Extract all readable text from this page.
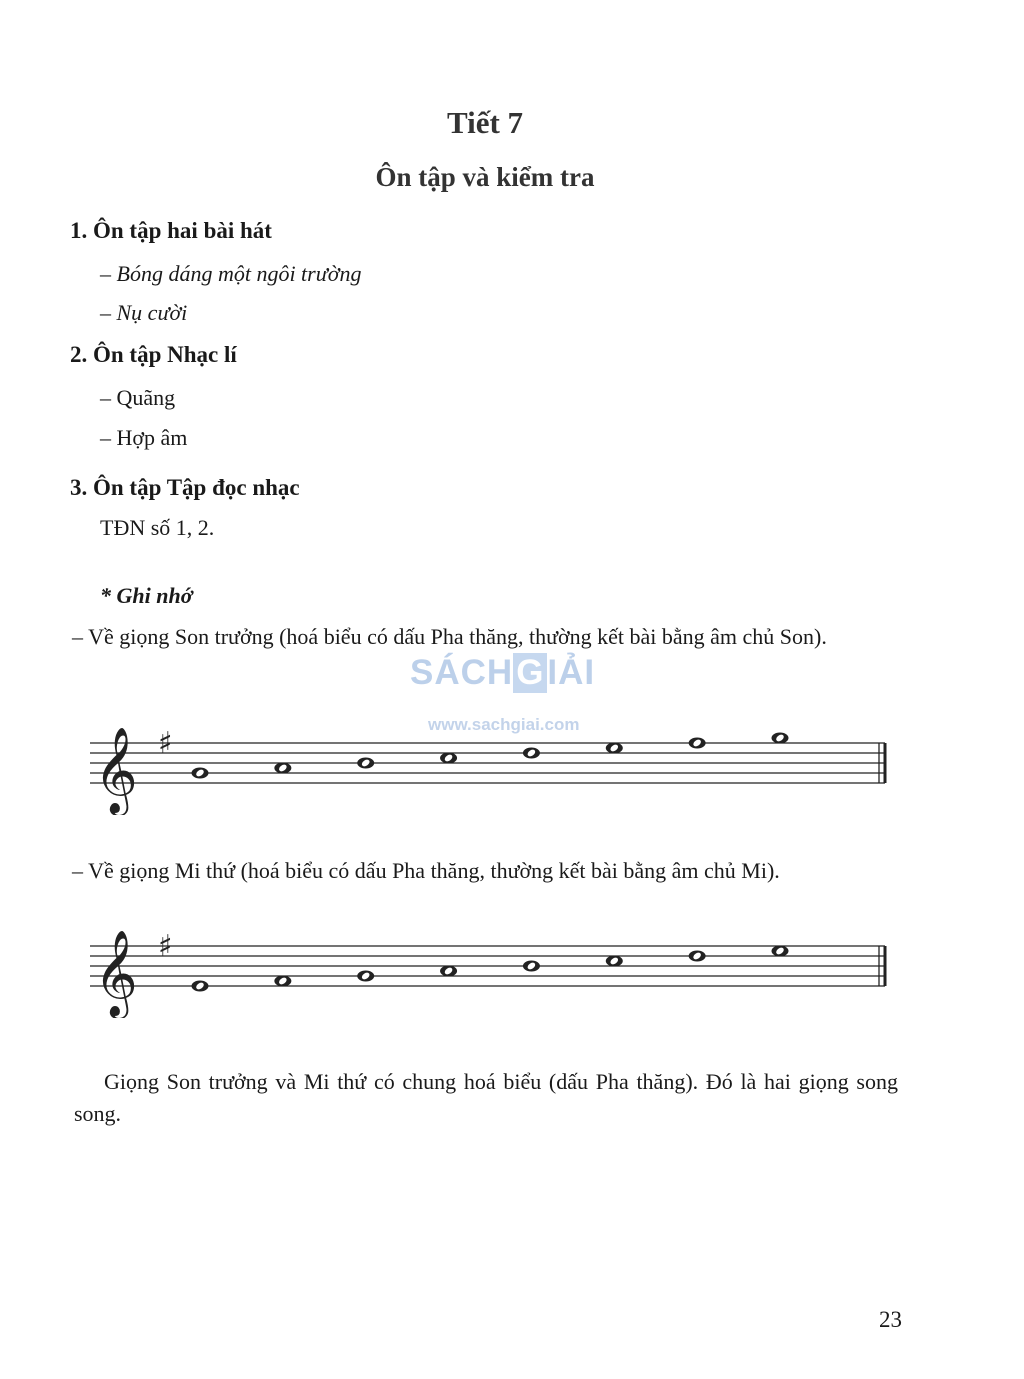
Tiết 7
Ôn tập và kiểm tra
1. Ôn tập hai bài hát
– Bóng dáng một ngôi trường
– Nụ cười
2. Ôn tập Nhạc lí
– Quãng
– Hợp âm
3. Ôn tập Tập đọc nhạc
TĐN số 1, 2.
* Ghi nhớ
– Về giọng Son trưởng (hoá biểu có dấu Pha thăng, thường kết bài bằng âm chủ Son).
SÁCHGIẢI
www.sachgiai.com
𝄞 ♯
– Về giọng Mi thứ (hoá biểu có dấu Pha thăng, thường kết bài bằng âm chủ Mi).
𝄞 ♯
Giọng Son trưởng và Mi thứ có chung hoá biểu (dấu Pha thăng). Đó là hai giọng song song.
23
